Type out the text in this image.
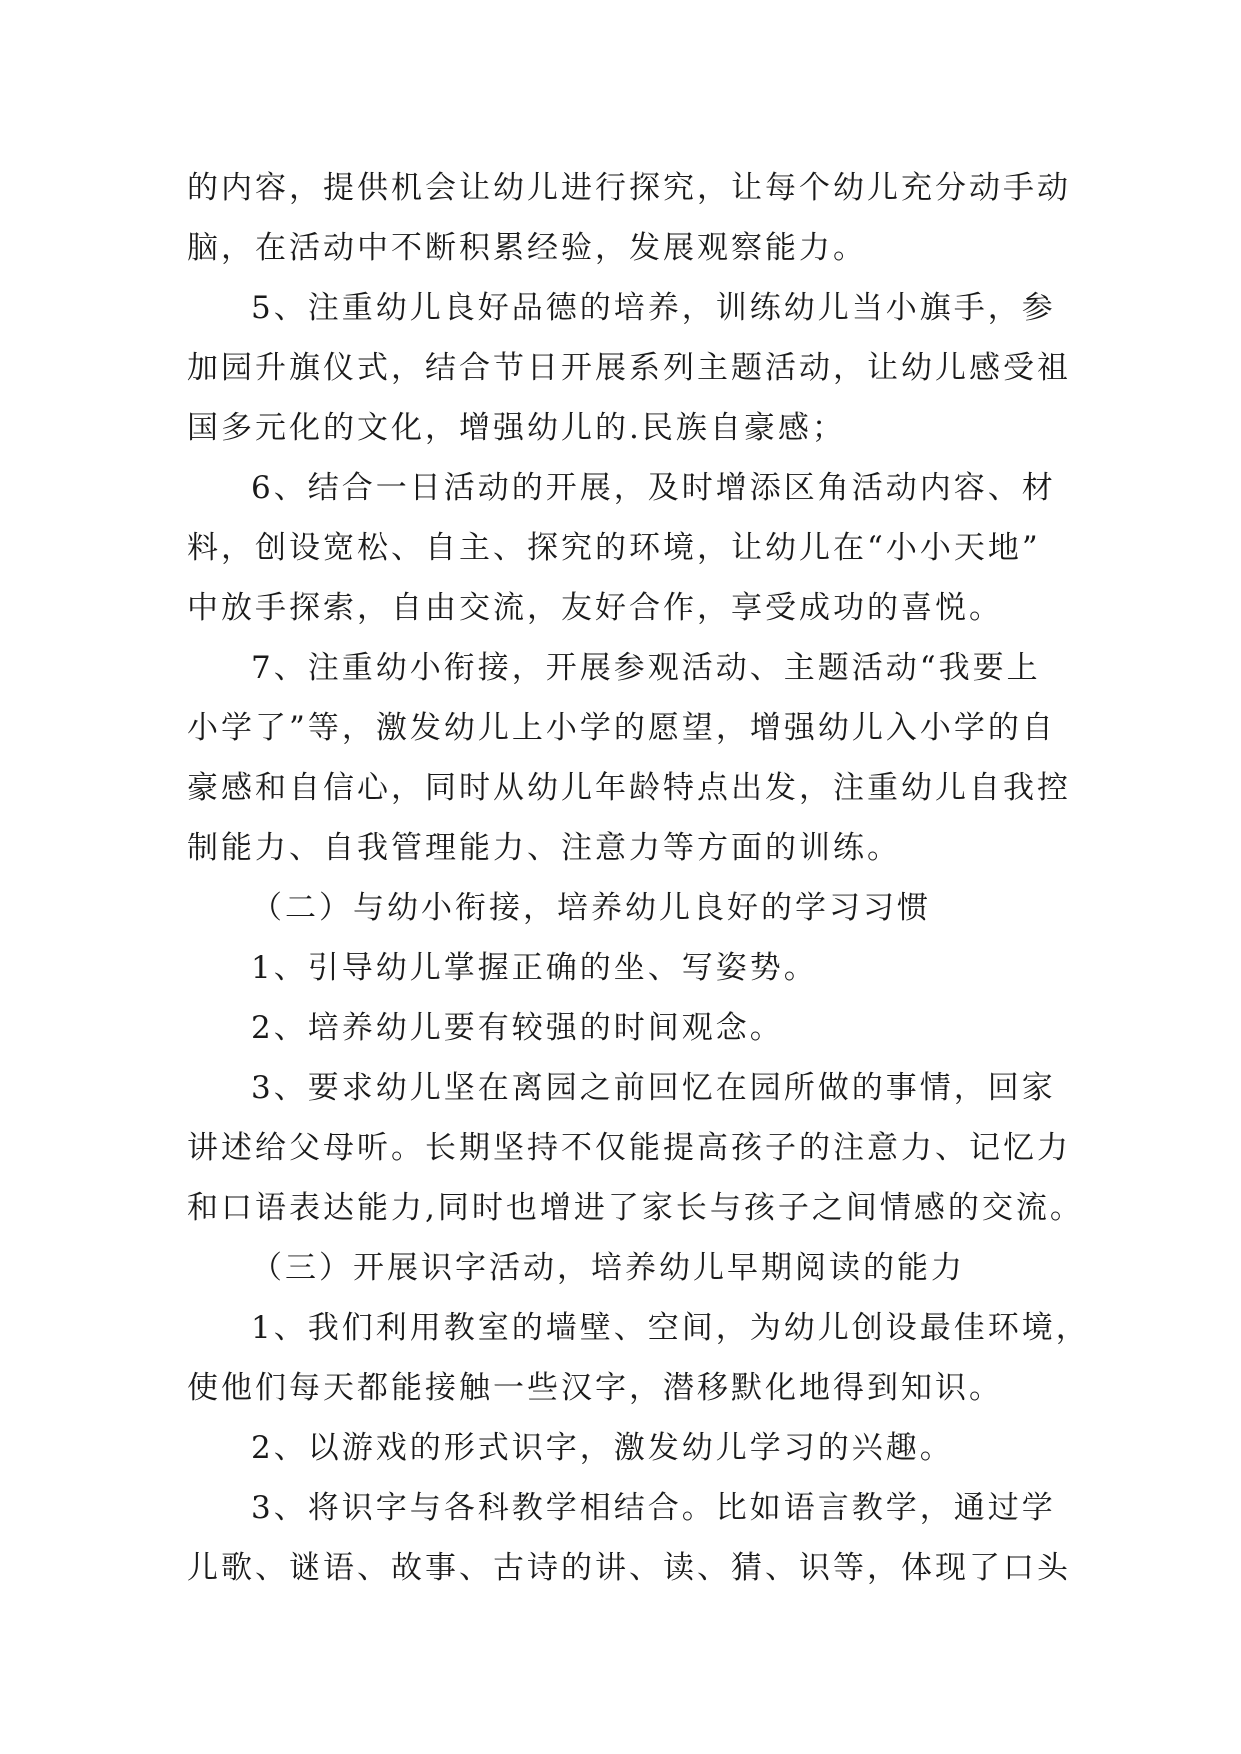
的内容，提供机会让幼儿进行探究，让每个幼儿充分动手动
脑，在活动中不断积累经验，发展观察能力。
5、注重幼儿良好品德的培养，训练幼儿当小旗手，参
加园升旗仪式，结合节日开展系列主题活动，让幼儿感受祖
国多元化的文化，增强幼儿的.民族自豪感；
6、结合一日活动的开展，及时增添区角活动内容、材
料，创设宽松、自主、探究的环境，让幼儿在“小小天地”
中放手探索，自由交流，友好合作，享受成功的喜悦。
7、注重幼小衔接，开展参观活动、主题活动“我要上
小学了”等，激发幼儿上小学的愿望，增强幼儿入小学的自
豪感和自信心，同时从幼儿年龄特点出发，注重幼儿自我控
制能力、自我管理能力、注意力等方面的训练。
（二）与幼小衔接，培养幼儿良好的学习习惯
1、引导幼儿掌握正确的坐、写姿势。
2、培养幼儿要有较强的时间观念。
3、要求幼儿坚在离园之前回忆在园所做的事情，回家
讲述给父母听。长期坚持不仅能提高孩子的注意力、记忆力
和口语表达能力,同时也增进了家长与孩子之间情感的交流。
（三）开展识字活动，培养幼儿早期阅读的能力
1、我们利用教室的墙壁、空间，为幼儿创设最佳环境，
使他们每天都能接触一些汉字，潜移默化地得到知识。
2、以游戏的形式识字，激发幼儿学习的兴趣。
3、将识字与各科教学相结合。比如语言教学，通过学
儿歌、谜语、故事、古诗的讲、读、猜、识等，体现了口头
